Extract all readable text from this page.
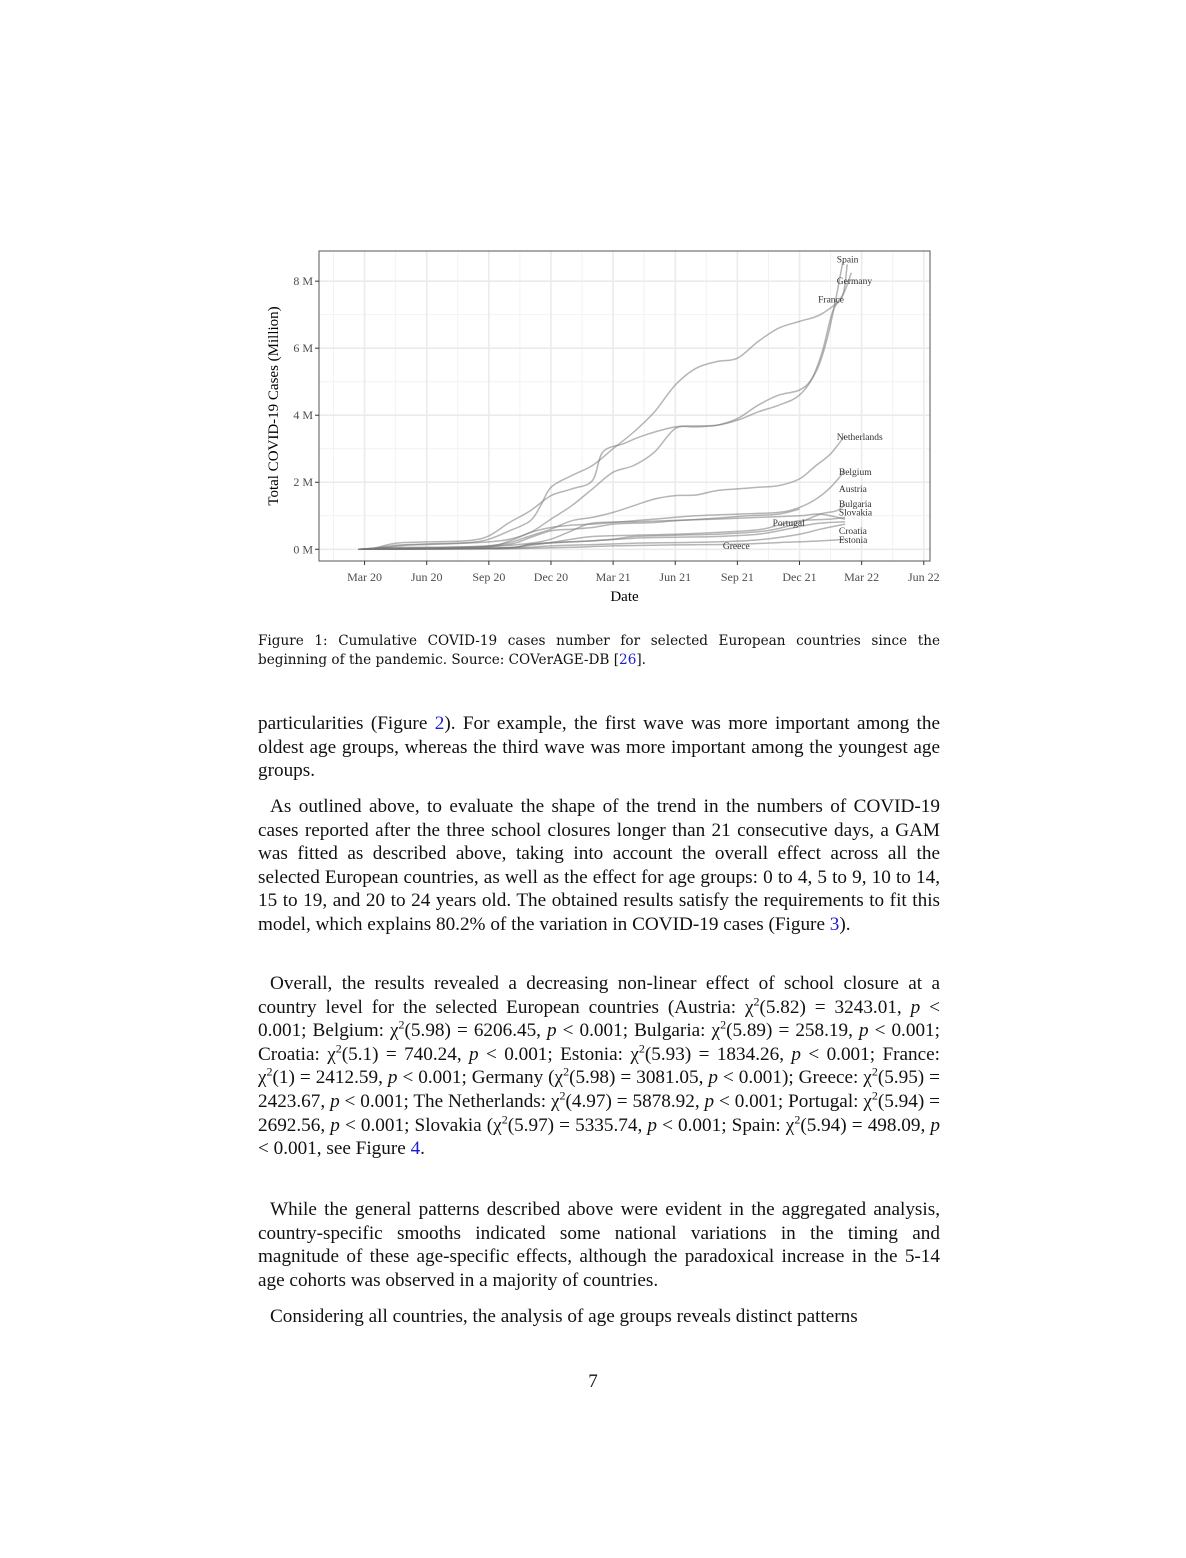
France
Spain
Germany
Netherlands
Belgium
Austria
Bulgaria
Slovakia
Portugal
Croatia
Estonia
Greece
0 M
2 M
4 M
6 M
8 M
Mar 20 Jun 20 Sep 20 Dec 20 Mar 21 Jun 21 Sep 21 Dec 21 Mar 22 Jun 22
Date
Total COVID-19 Cases (Million)
Figure 1: Cumulative COVID-19 cases number for selected European countries since the beginning of the pandemic. Source: COVerAGE-DB [26].
particularities (Figure 2). For example, the first wave was more important among the oldest age groups, whereas the third wave was more important among the youngest age groups.
As outlined above, to evaluate the shape of the trend in the numbers of COVID-19 cases reported after the three school closures longer than 21 consecutive days, a GAM was fitted as described above, taking into account the overall effect across all the selected European countries, as well as the effect for age groups: 0 to 4, 5 to 9, 10 to 14, 15 to 19, and 20 to 24 years old. The obtained results satisfy the requirements to fit this model, which explains 80.2% of the variation in COVID-19 cases (Figure 3).
Overall, the results revealed a decreasing non-linear effect of school closure at a country level for the selected European countries (Austria: $\chi^2(5.82) = 3243.01$, p < 0.001; Belgium: $\chi^2(5.98) = 6206.45$, p < 0.001; Bulgaria: $\chi^2(5.89) = 258.19$, p < 0.001; Croatia: $\chi^2(5.1) = 740.24$, p < 0.001; Estonia: $\chi^2(5.93) = 1834.26$, p < 0.001; France: $\chi^2(1) = 2412.59$, p < 0.001; Germany ($\chi^2(5.98) = 3081.05$, p < 0.001); Greece: $\chi^2(5.95) = 2423.67$, p < 0.001; The Netherlands: $\chi^2(4.97) = 5878.92$, p < 0.001; Portugal: $\chi^2(5.94) = 2692.56$, p < 0.001; Slovakia ($\chi^2(5.97) = 5335.74$, p < 0.001; Spain: $\chi^2(5.94) = 498.09$, p < 0.001, see Figure 4.
While the general patterns described above were evident in the aggregated analysis, country-specific smooths indicated some national variations in the timing and magnitude of these age-specific effects, although the paradoxical increase in the 5-14 age cohorts was observed in a majority of countries.
Considering all countries, the analysis of age groups reveals distinct patterns
7
